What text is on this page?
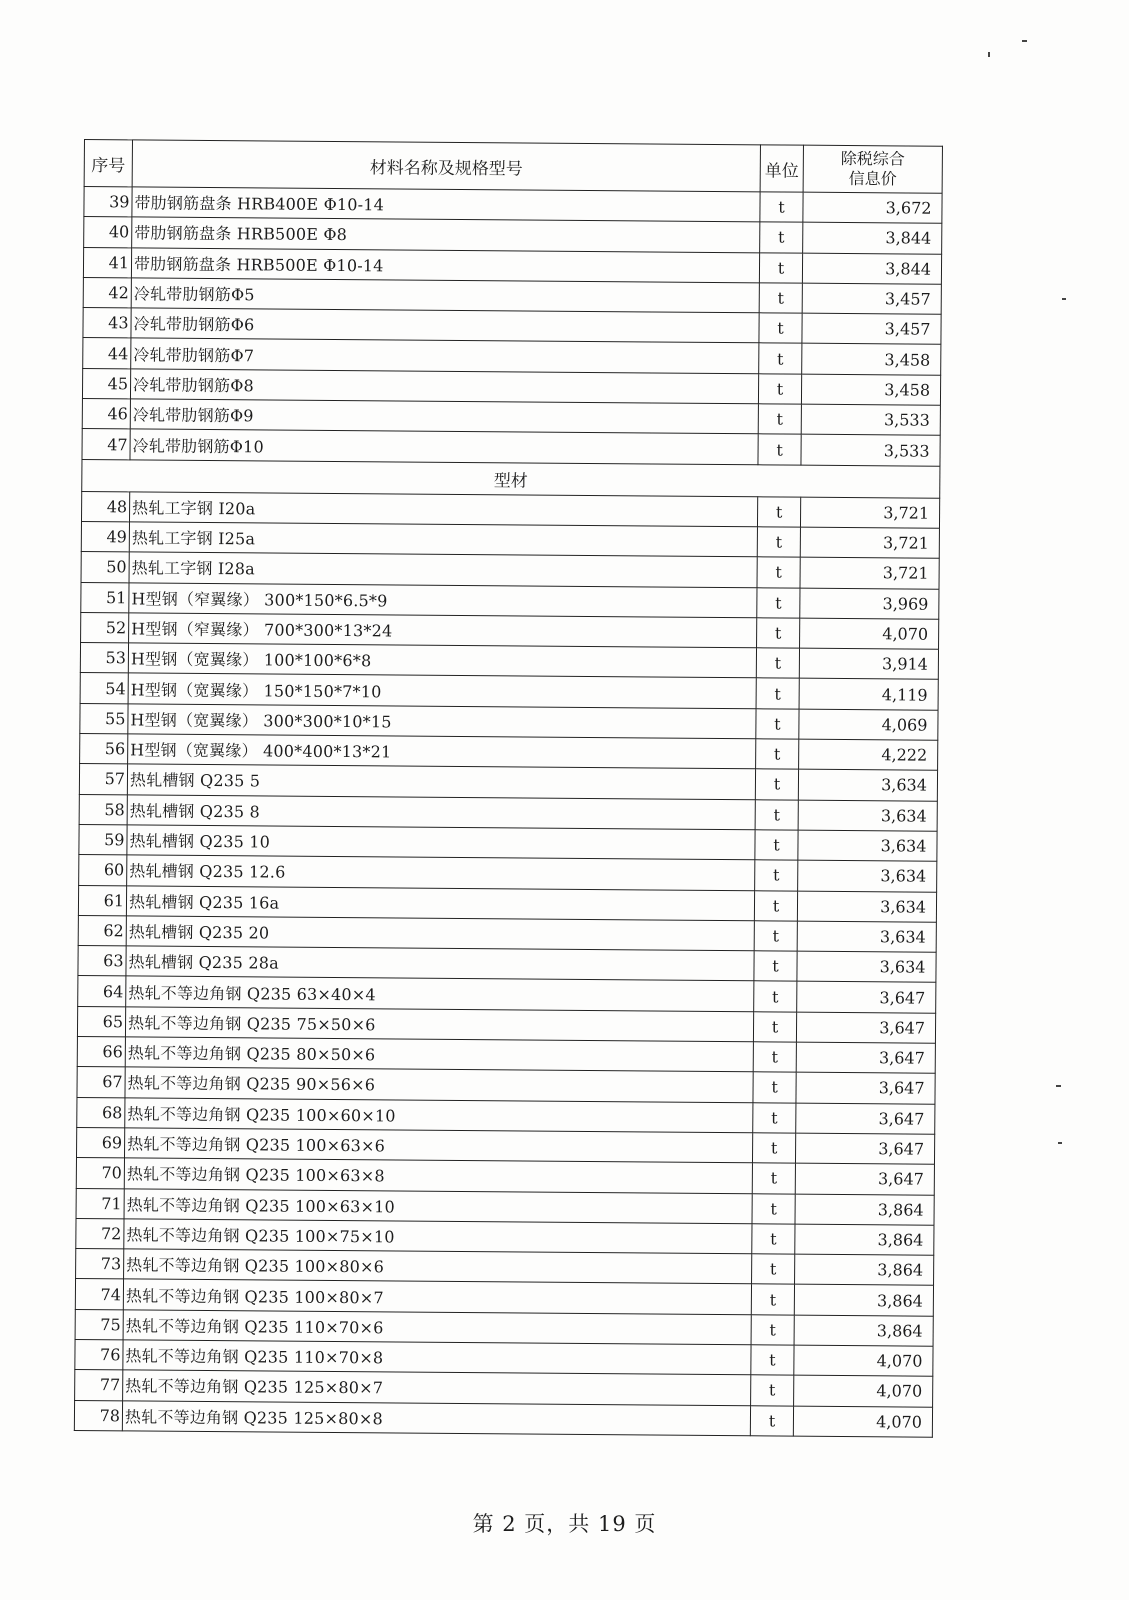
序号	材料名称及规格型号	单位	除税综合
信息价

39	带肋钢筋盘条 HRB400E Φ10-14	t	3,672
40	带肋钢筋盘条 HRB500E Φ8	t	3,844
41	带肋钢筋盘条 HRB500E Φ10-14	t	3,844
42	冷轧带肋钢筋Φ5	t	3,457
43	冷轧带肋钢筋Φ6	t	3,457
44	冷轧带肋钢筋Φ7	t	3,458
45	冷轧带肋钢筋Φ8	t	3,458
46	冷轧带肋钢筋Φ9	t	3,533
47	冷轧带肋钢筋Φ10	t	3,533
型材			
48	热轧工字钢 I20a	t	3,721
49	热轧工字钢 I25a	t	3,721
50	热轧工字钢 I28a	t	3,721
51	H型钢（窄翼缘） 300*150*6.5*9	t	3,969
52	H型钢（窄翼缘） 700*300*13*24	t	4,070
53	H型钢（宽翼缘） 100*100*6*8	t	3,914
54	H型钢（宽翼缘） 150*150*7*10	t	4,119
55	H型钢（宽翼缘） 300*300*10*15	t	4,069
56	H型钢（宽翼缘） 400*400*13*21	t	4,222
57	热轧槽钢 Q235 5	t	3,634
58	热轧槽钢 Q235 8	t	3,634
59	热轧槽钢 Q235 10	t	3,634
60	热轧槽钢 Q235 12.6	t	3,634
61	热轧槽钢 Q235 16a	t	3,634
62	热轧槽钢 Q235 20	t	3,634
63	热轧槽钢 Q235 28a	t	3,634
64	热轧不等边角钢 Q235 63×40×4	t	3,647
65	热轧不等边角钢 Q235 75×50×6	t	3,647
66	热轧不等边角钢 Q235 80×50×6	t	3,647
67	热轧不等边角钢 Q235 90×56×6	t	3,647
68	热轧不等边角钢 Q235 100×60×10	t	3,647
69	热轧不等边角钢 Q235 100×63×6	t	3,647
70	热轧不等边角钢 Q235 100×63×8	t	3,647
71	热轧不等边角钢 Q235 100×63×10	t	3,864
72	热轧不等边角钢 Q235 100×75×10	t	3,864
73	热轧不等边角钢 Q235 100×80×6	t	3,864
74	热轧不等边角钢 Q235 100×80×7	t	3,864
75	热轧不等边角钢 Q235 110×70×6	t	3,864
76	热轧不等边角钢 Q235 110×70×8	t	4,070
77	热轧不等边角钢 Q235 125×80×7	t	4,070
78	热轧不等边角钢 Q235 125×80×8	t	4,070
第 2 页，共 19 页
